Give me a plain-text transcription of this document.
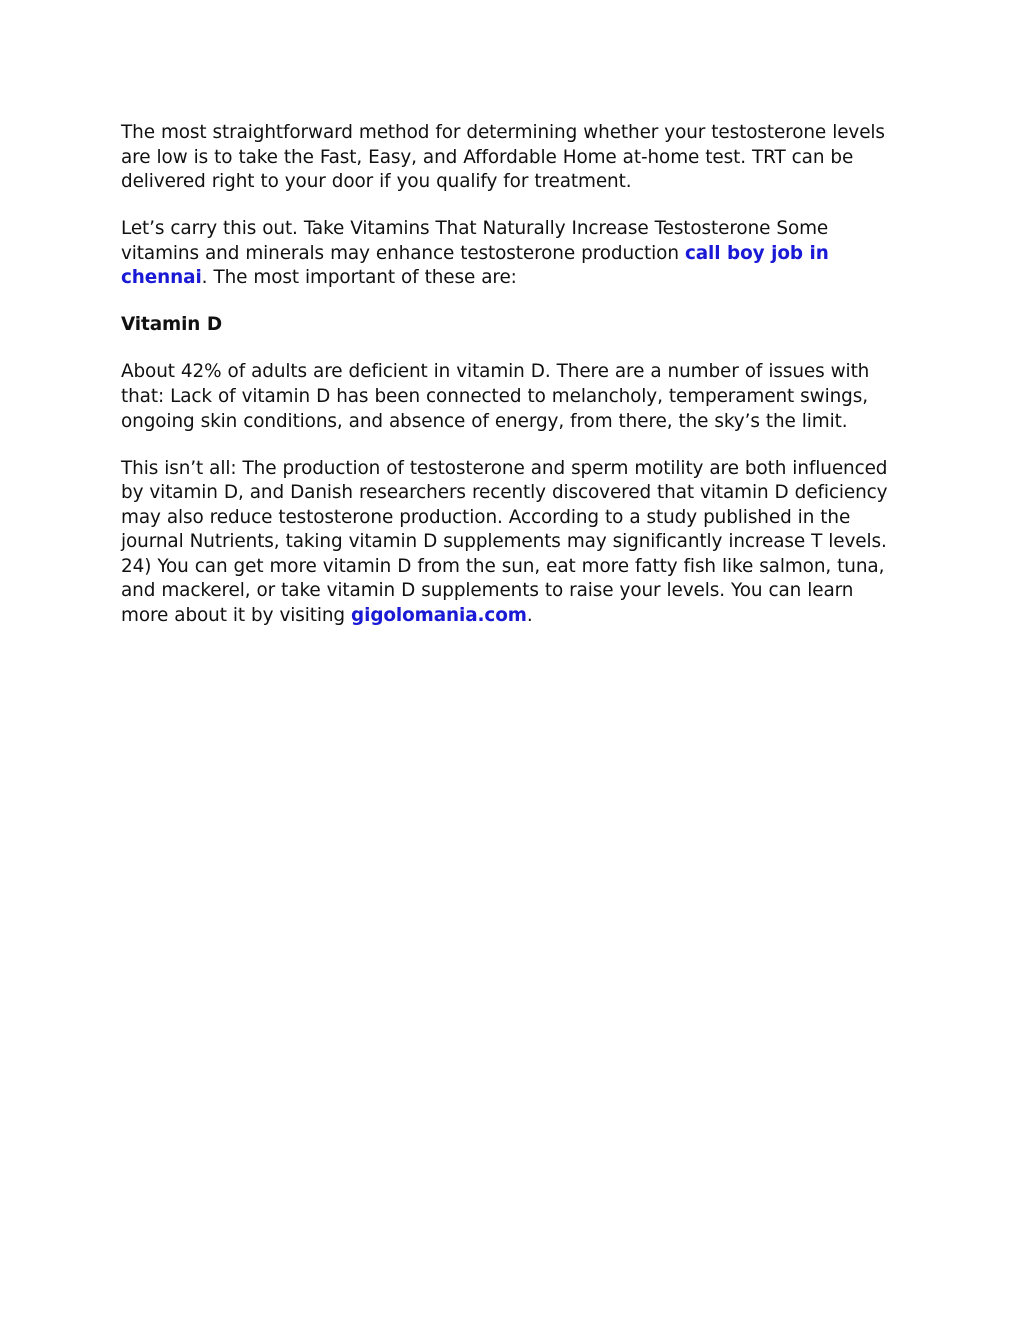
The most straightforward method for determining whether your testosterone levels are low is to take the Fast, Easy, and Affordable Home at-home test. TRT can be delivered right to your door if you qualify for treatment.

Let’s carry this out. Take Vitamins That Naturally Increase Testosterone Some vitamins and minerals may enhance testosterone production call boy job in chennai. The most important of these are:

Vitamin D

About 42% of adults are deficient in vitamin D. There are a number of issues with that: Lack of vitamin D has been connected to melancholy, temperament swings, ongoing skin conditions, and absence of energy, from there, the sky’s the limit.

This isn’t all: The production of testosterone and sperm motility are both influenced by vitamin D, and Danish researchers recently discovered that vitamin D deficiency may also reduce testosterone production. According to a study published in the journal Nutrients, taking vitamin D supplements may significantly increase T levels. 24) You can get more vitamin D from the sun, eat more fatty fish like salmon, tuna, and mackerel, or take vitamin D supplements to raise your levels. You can learn more about it by visiting gigolomania.com.
